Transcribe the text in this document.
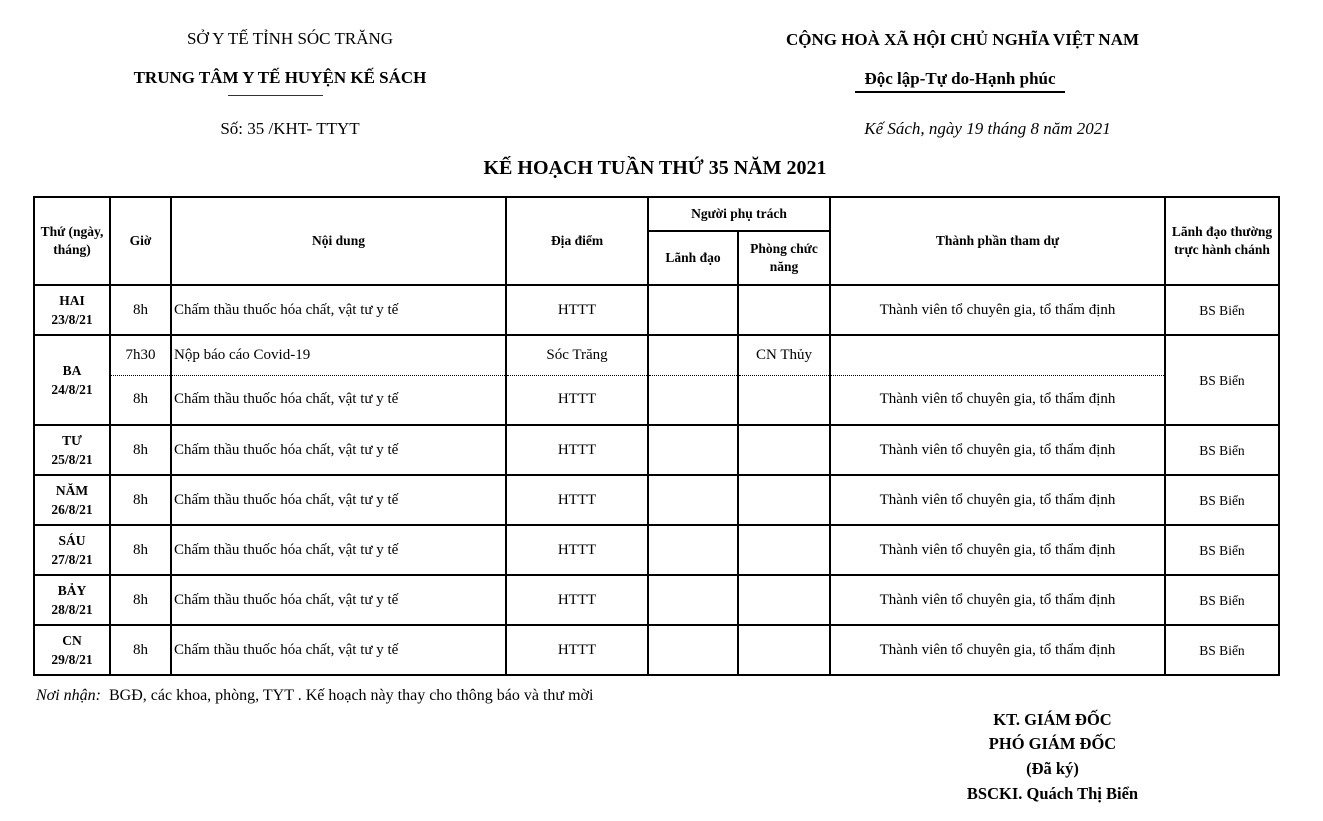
SỞ Y TẾ TỈNH SÓC TRĂNG
TRUNG TÂM Y TẾ HUYỆN KẾ SÁCH
Số: 35 /KHT- TTYT
CỘNG HOÀ XÃ HỘI CHỦ NGHĨA VIỆT NAM
Độc lập-Tự do-Hạnh phúc
Kế Sách, ngày 19 tháng 8 năm 2021
KẾ HOẠCH TUẦN THỨ 35 NĂM 2021
Thứ (ngày, tháng)	Giờ	Nội dung	Địa điểm	Người phụ trách		Thành phần tham dự	Lãnh đạo thường trực hành chánh
				Lãnh đạo	Phòng chức năng		
HAI
23/8/21	8h	Chấm thầu thuốc hóa chất, vật tư y tế	HTTT			Thành viên tổ chuyên gia, tổ thẩm định	BS Biển
BA
24/8/21	7h30	Nộp báo cáo Covid-19	Sóc Trăng		CN Thủy		BS Biển
	8h	Chấm thầu thuốc hóa chất, vật tư y tế	HTTT			Thành viên tổ chuyên gia, tổ thẩm định	
TƯ
25/8/21	8h	Chấm thầu thuốc hóa chất, vật tư y tế	HTTT			Thành viên tổ chuyên gia, tổ thẩm định	BS Biển
NĂM
26/8/21	8h	Chấm thầu thuốc hóa chất, vật tư y tế	HTTT			Thành viên tổ chuyên gia, tổ thẩm định	BS Biển
SÁU
27/8/21	8h	Chấm thầu thuốc hóa chất, vật tư y tế	HTTT			Thành viên tổ chuyên gia, tổ thẩm định	BS Biển
BẢY
28/8/21	8h	Chấm thầu thuốc hóa chất, vật tư y tế	HTTT			Thành viên tổ chuyên gia, tổ thẩm định	BS Biển
CN
29/8/21	8h	Chấm thầu thuốc hóa chất, vật tư y tế	HTTT			Thành viên tổ chuyên gia, tổ thẩm định	BS Biển
Nơi nhận:  BGĐ, các khoa, phòng, TYT . Kế hoạch này thay cho thông báo và thư mời
KT. GIÁM ĐỐC
PHÓ GIÁM ĐỐC
(Đã ký)
BSCKI. Quách Thị Biển
